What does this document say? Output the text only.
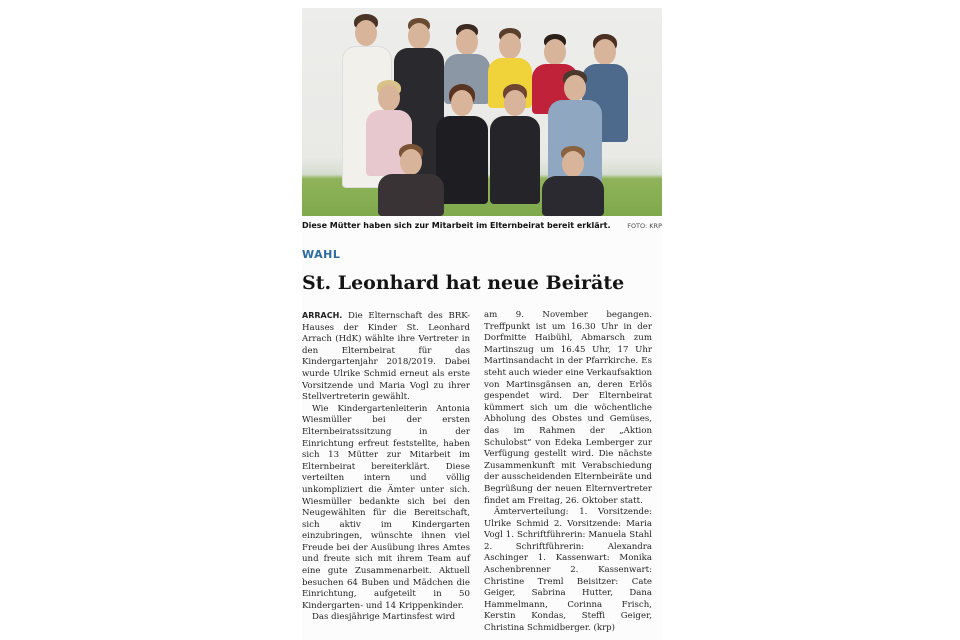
Diese Mütter haben sich zur Mitarbeit im Elternbeirat bereit erklärt.	FOTO: KRP
WAHL
St. Leonhard hat neue Beiräte

ARRACH. Die Elternschaft des BRK-Hauses der Kinder St. Leonhard Arrach (HdK) wählte ihre Vertreter in den Elternbeirat für das Kindergartenjahr 2018/2019. Dabei wurde Ulrike Schmid erneut als erste Vorsitzende und Maria Vogl zu ihrer Stellvertreterin gewählt.

Wie Kindergartenleiterin Antonia Wiesmüller bei der ersten Elternbeiratssitzung in der Einrichtung erfreut feststellte, haben sich 13 Mütter zur Mitarbeit im Elternbeirat bereiterklärt. Diese verteilten intern und völlig unkompliziert die Ämter unter sich. Wiesmüller bedankte sich bei den Neugewählten für die Bereitschaft, sich aktiv im Kindergarten einzubringen, wünschte ihnen viel Freude bei der Ausübung ihres Amtes und freute sich mit ihrem Team auf eine gute Zusammenarbeit. Aktuell besuchen 64 Buben und Mädchen die Einrichtung, aufgeteilt in 50 Kindergarten- und 14 Krippenkinder.

Das diesjährige Martinsfest wird

am 9. November begangen. Treffpunkt ist um 16.30 Uhr in der Dorfmitte Haibühl, Abmarsch zum Martinszug um 16.45 Uhr, 17 Uhr Martinsandacht in der Pfarrkirche. Es steht auch wieder eine Verkaufsaktion von Martinsgänsen an, deren Erlös gespendet wird. Der Elternbeirat kümmert sich um die wöchentliche Abholung des Obstes und Gemüses, das im Rahmen der „Aktion Schulobst“ von Edeka Lemberger zur Verfügung gestellt wird. Die nächste Zusammenkunft mit Verabschiedung der ausscheidenden Elternbeiräte und Begrüßung der neuen Elternvertreter findet am Freitag, 26. Oktober statt.

Ämterverteilung: 1. Vorsitzende: Ulrike Schmid 2. Vorsitzende: Maria Vogl 1. Schriftführerin: Manuela Stahl 2. Schriftführerin: Alexandra Aschinger 1. Kassenwart: Monika Aschenbrenner 2. Kassenwart: Christine Treml Beisitzer: Cate Geiger, Sabrina Hutter, Dana Hammelmann, Corinna Frisch, Kerstin Kondas, Steffi Geiger, Christina Schmidberger. (krp)
